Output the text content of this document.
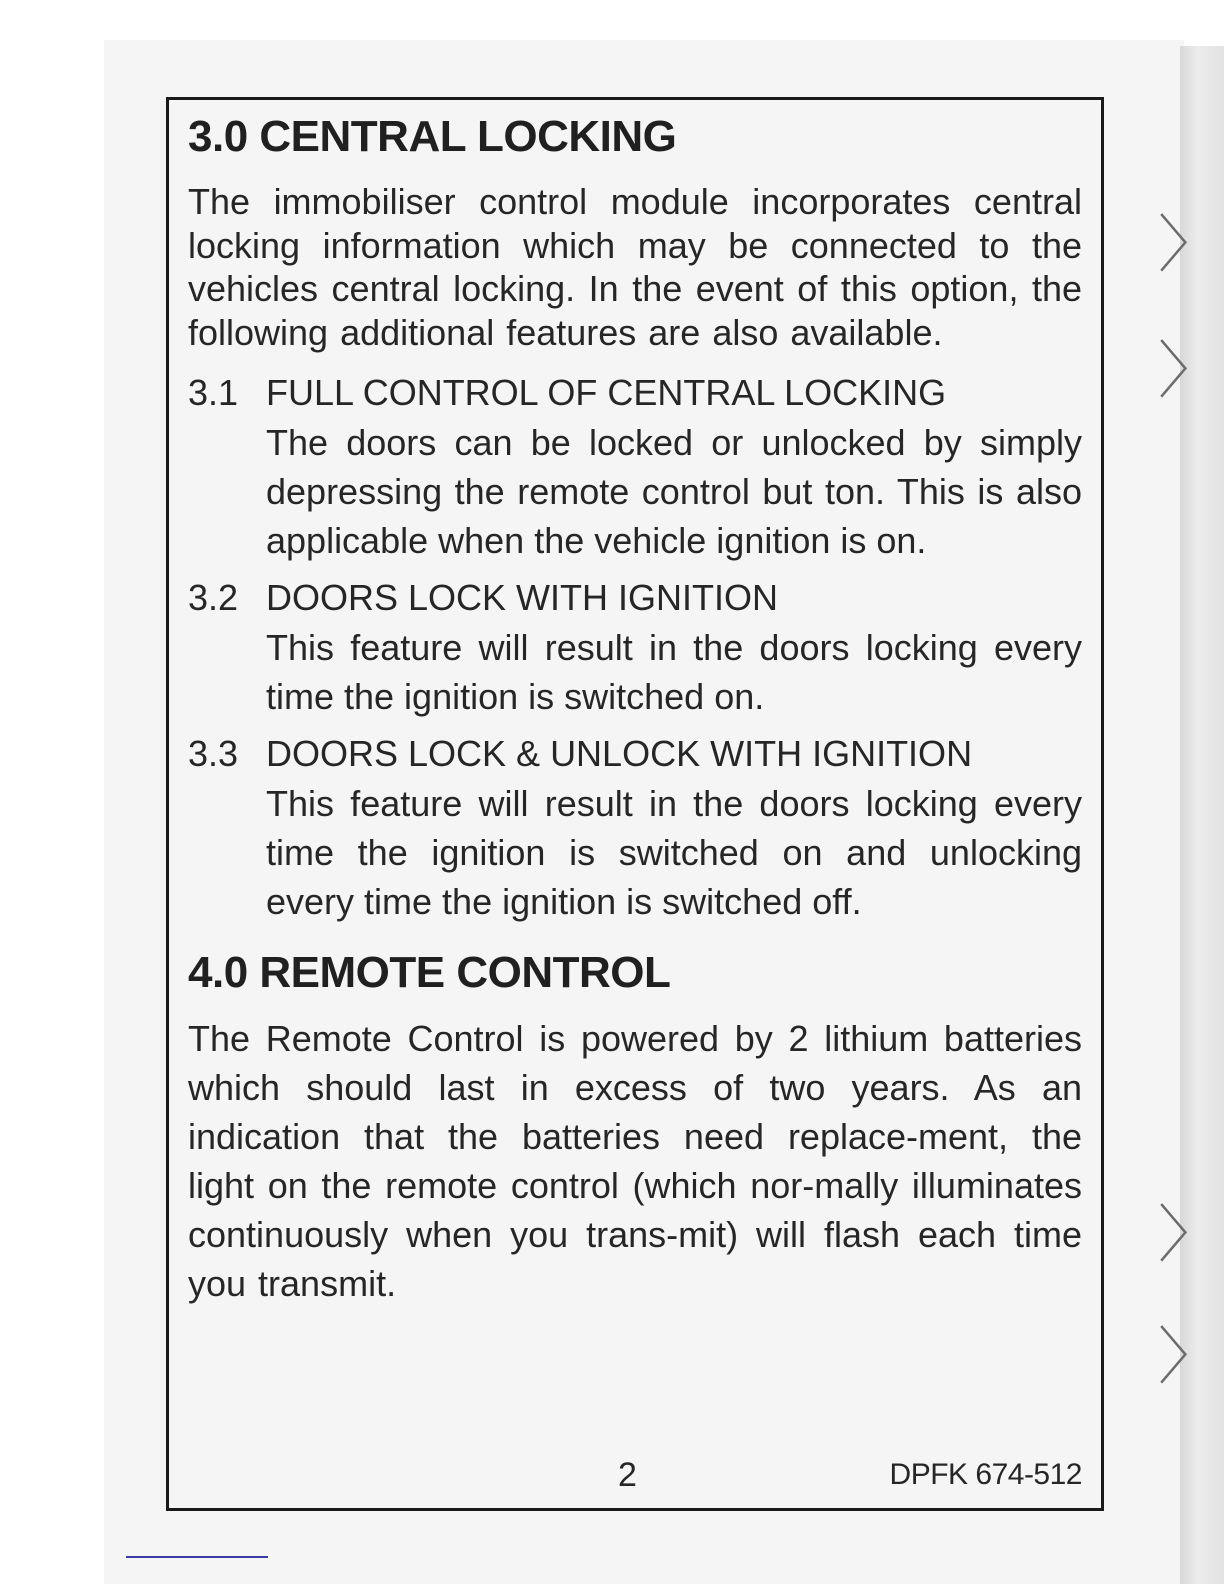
〉
〉
〉
〉
3.0 CENTRAL LOCKING

The immobiliser control module incorporates central locking information which may be connected to the vehicles central locking. In the event of this option, the following additional features are also available.

3.1 FULL CONTROL OF CENTRAL LOCKING
The doors can be locked or unlocked by simply depressing the remote control but ton. This is also applicable when the vehicle ignition is on.
3.2 DOORS LOCK WITH IGNITION
This feature will result in the doors locking every time the ignition is switched on.
3.3 DOORS LOCK & UNLOCK WITH IGNITION
This feature will result in the doors locking every time the ignition is switched on and unlocking every time the ignition is switched off.
4.0 REMOTE CONTROL

The Remote Control is powered by 2 lithium batteries which should last in excess of two years. As an indication that the batteries need replace-ment, the light on the remote control (which nor-mally illuminates continuously when you trans-mit) will flash each time you transmit.

2	DPFK 674-512
